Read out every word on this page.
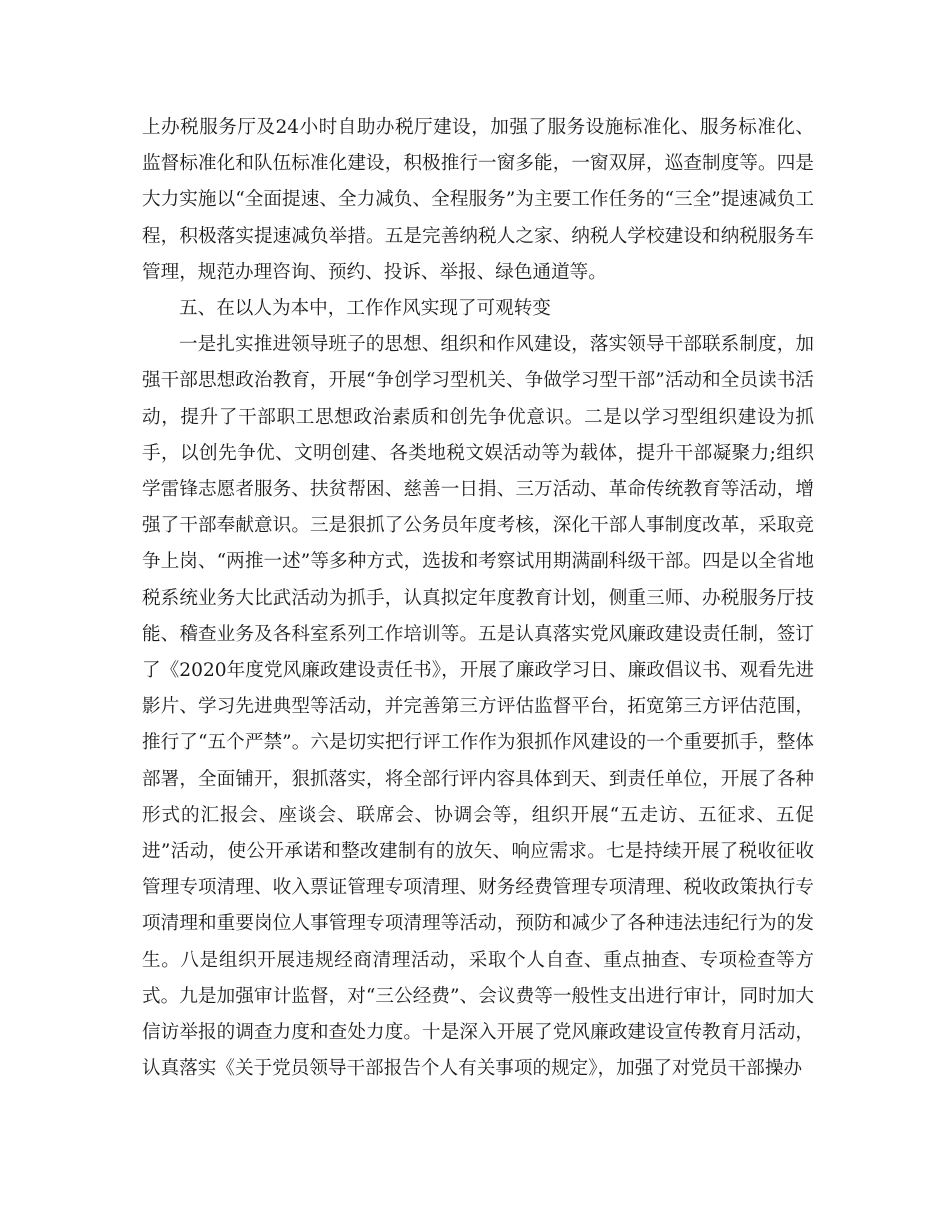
上办税服务厅及24小时自助办税厅建设，加强了服务设施标准化、服务标准化、监督标准化和队伍标准化建设，积极推行一窗多能，一窗双屏，巡查制度等。四是大力实施以“全面提速、全力减负、全程服务”为主要工作任务的“三全”提速减负工程，积极落实提速减负举措。五是完善纳税人之家、纳税人学校建设和纳税服务车管理，规范办理咨询、预约、投诉、举报、绿色通道等。

五、在以人为本中，工作作风实现了可观转变

一是扎实推进领导班子的思想、组织和作风建设，落实领导干部联系制度，加强干部思想政治教育，开展“争创学习型机关、争做学习型干部”活动和全员读书活动，提升了干部职工思想政治素质和创先争优意识。二是以学习型组织建设为抓手，以创先争优、文明创建、各类地税文娱活动等为载体，提升干部凝聚力;组织学雷锋志愿者服务、扶贫帮困、慈善一日捐、三万活动、革命传统教育等活动，增强了干部奉献意识。三是狠抓了公务员年度考核，深化干部人事制度改革，采取竞争上岗、“两推一述”等多种方式，选拔和考察试用期满副科级干部。四是以全省地税系统业务大比武活动为抓手，认真拟定年度教育计划，侧重三师、办税服务厅技能、稽查业务及各科室系列工作培训等。五是认真落实党风廉政建设责任制，签订了《2020年度党风廉政建设责任书》，开展了廉政学习日、廉政倡议书、观看先进影片、学习先进典型等活动，并完善第三方评估监督平台，拓宽第三方评估范围，推行了“五个严禁”。六是切实把行评工作作为狠抓作风建设的一个重要抓手，整体部署，全面铺开，狠抓落实，将全部行评内容具体到天、到责任单位，开展了各种形式的汇报会、座谈会、联席会、协调会等，组织开展“五走访、五征求、五促进”活动，使公开承诺和整改建制有的放矢、响应需求。七是持续开展了税收征收管理专项清理、收入票证管理专项清理、财务经费管理专项清理、税收政策执行专项清理和重要岗位人事管理专项清理等活动，预防和减少了各种违法违纪行为的发生。八是组织开展违规经商清理活动，采取个人自查、重点抽查、专项检查等方式。九是加强审计监督，对“三公经费”、会议费等一般性支出进行审计，同时加大信访举报的调查力度和查处力度。十是深入开展了党风廉政建设宣传教育月活动，认真落实《关于党员领导干部报告个人有关事项的规定》，加强了对党员干部操办
